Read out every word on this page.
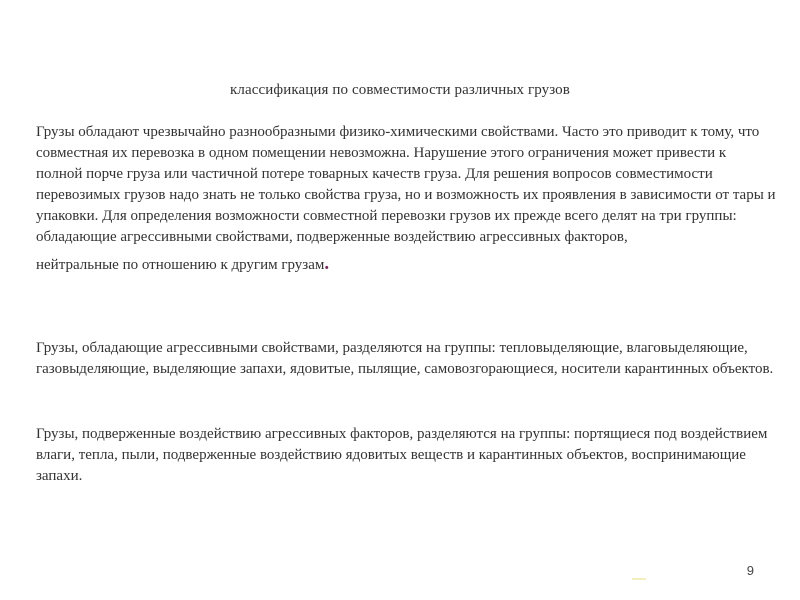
классификация по совместимости различных грузов
Грузы обладают чрезвычайно разнообразными физико-химическими свойствами. Часто это приводит к тому, что совместная их перевозка в одном помещении невозможна. Нарушение этого ограничения может привести к полной порче груза или частичной потере товарных качеств груза. Для решения вопросов совместимости перевозимых грузов надо знать не только свойства груза, но и возможность их проявления в зависимости от тары и упаковки. Для определения возможности совместной перевозки грузов их прежде всего делят на три группы: обладающие агрессивными свойствами, подверженные воздействию агрессивных факторов,
нейтральные по отношению к другим грузам.
Грузы, обладающие агрессивными свойствами, разделяются на группы: тепловыделяющие, влаговыделяющие, газовыделяющие, выделяющие запахи, ядовитые, пылящие, самовозгорающиеся, носители карантинных объектов.
Грузы, подверженные воздействию агрессивных факторов, разделяются на группы: портящиеся под воздействием влаги, тепла, пыли, подверженные воздействию ядовитых веществ и карантинных объектов, воспринимающие запахи.
9
